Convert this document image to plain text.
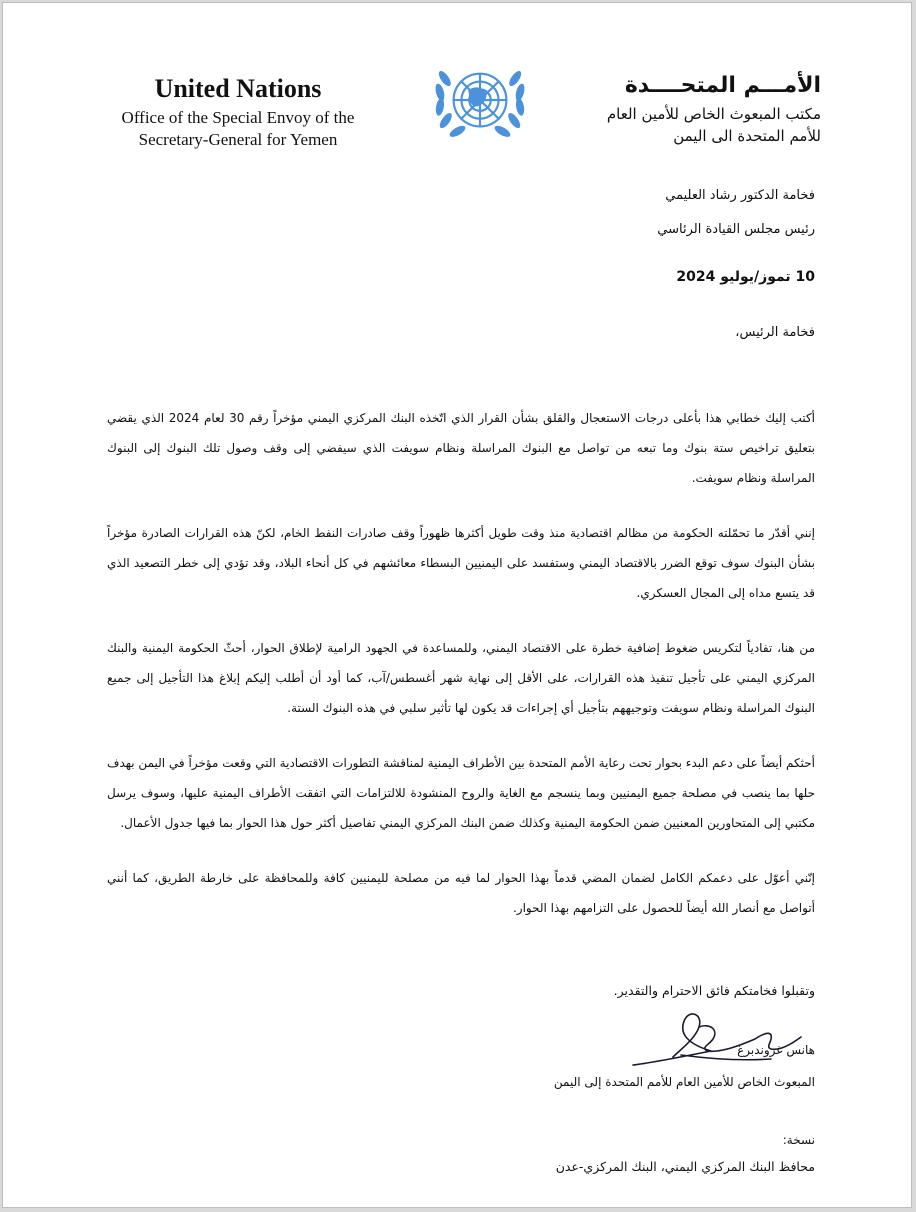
United Nations
Office of the Special Envoy of the
Secretary-General for Yemen
الأمـــم المتحــــدة
مكتب المبعوث الخاص للأمين العام
للأمم المتحدة الى اليمن
فخامة الدكتور رشاد العليمي
رئيس مجلس القيادة الرئاسي
10 تموز/يوليو 2024
فخامة الرئيس،

أكتب إليك خطابي هذا بأعلى درجات الاستعجال والقلق بشأن القرار الذي اتّخذه البنك المركزي اليمني مؤخراً رقم 30 لعام 2024 الذي يقضي بتعليق تراخيص ستة بنوك وما تبعه من تواصل مع البنوك المراسلة ونظام سويفت الذي سيفضي إلى وقف وصول تلك البنوك إلى البنوك المراسلة ونظام سويفت.

إنني أقدّر ما تحمّلته الحكومة من مظالم اقتصادية منذ وقت طويل أكثرها ظهوراً وقف صادرات النفط الخام، لكنّ هذه القرارات الصادرة مؤخراً بشأن البنوك سوف توقع الضرر بالاقتصاد اليمني وستفسد على اليمنيين البسطاء معائشهم في كل أنحاء البلاد، وقد تؤدي إلى خطر التصعيد الذي قد يتسع مداه إلى المجال العسكري.

من هنا، تفادياً لتكريس ضغوط إضافية خطرة على الاقتصاد اليمني، وللمساعدة في الجهود الرامية لإطلاق الحوار، أحثّ الحكومة اليمنية والبنك المركزي اليمني على تأجيل تنفيذ هذه القرارات، على الأقل إلى نهاية شهر أغسطس/آب، كما أود أن أطلب إليكم إبلاغ هذا التأجيل إلى جميع البنوك المراسلة ونظام سويفت وتوجيههم بتأجيل أي إجراءات قد يكون لها تأثير سلبي في هذه البنوك الستة.

أحثكم أيضاً على دعم البدء بحوار تحت رعاية الأمم المتحدة بين الأطراف اليمنية لمناقشة التطورات الاقتصادية التي وقعت مؤخراً في اليمن بهدف حلها بما ينصب في مصلحة جميع اليمنيين وبما ينسجم مع الغاية والروح المنشودة للالتزامات التي اتفقت الأطراف اليمنية عليها، وسوف يرسل مكتبي إلى المتحاورين المعنيين ضمن الحكومة اليمنية وكذلك ضمن البنك المركزي اليمني تفاصيل أكثر حول هذا الحوار بما فيها جدول الأعمال.

إنّني أعوّل على دعمكم الكامل لضمان المضي قدماً بهذا الحوار لما فيه من مصلحة لليمنيين كافة وللمحافظة على خارطة الطريق، كما أنني أتواصل مع أنصار الله أيضاً للحصول على التزامهم بهذا الحوار.

وتقبلوا فخامتكم فائق الاحترام والتقدير.
هانس غروندبرغ
المبعوث الخاص للأمين العام للأمم المتحدة إلى اليمن
نسخة:
محافظ البنك المركزي اليمني، البنك المركزي-عدن
